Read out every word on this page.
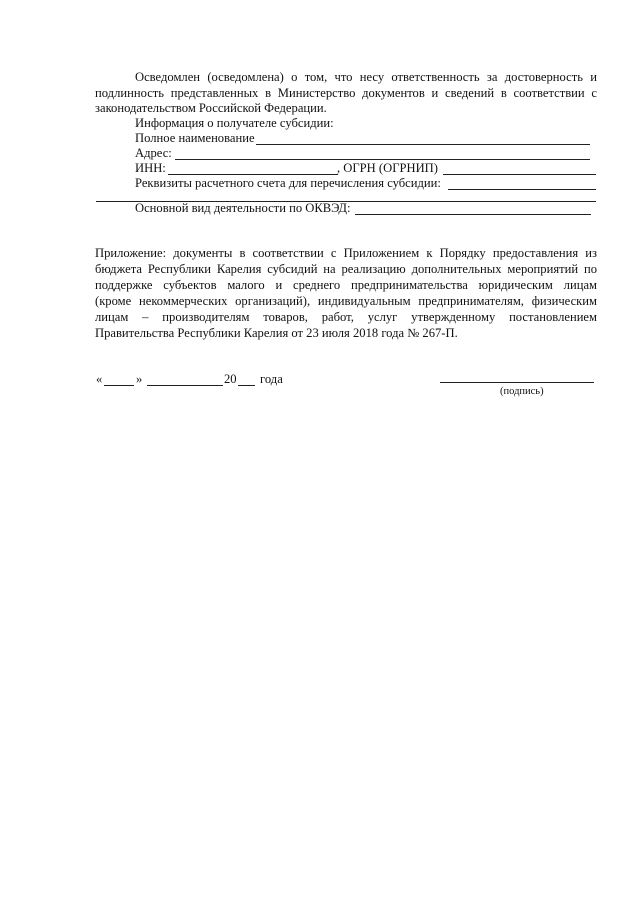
Осведомлен (осведомлена) о том, что несу ответственность за достоверность и
подлинность представленных в Министерство документов и сведений в соответствии с
законодательством Российской Федерации.
Информация о получателе субсидии:
Полное наименование
Адрес:
ИНН:	, ОГРН (ОГРНИП)
Реквизиты расчетного счета для перечисления субсидии:
Основной вид деятельности по ОКВЭД:
Приложение: документы в соответствии с Приложением к Порядку предоставления из
бюджета Республики Карелия субсидий на реализацию дополнительных мероприятий по
поддержке субъектов малого и среднего предпринимательства юридическим лицам
(кроме некоммерческих организаций), индивидуальным предпринимателям, физическим
лицам – производителям товаров, работ, услуг утвержденному постановлением
Правительства Республики Карелия от 23 июля 2018 года № 267-П.
«	»	20 года
(подпись)
